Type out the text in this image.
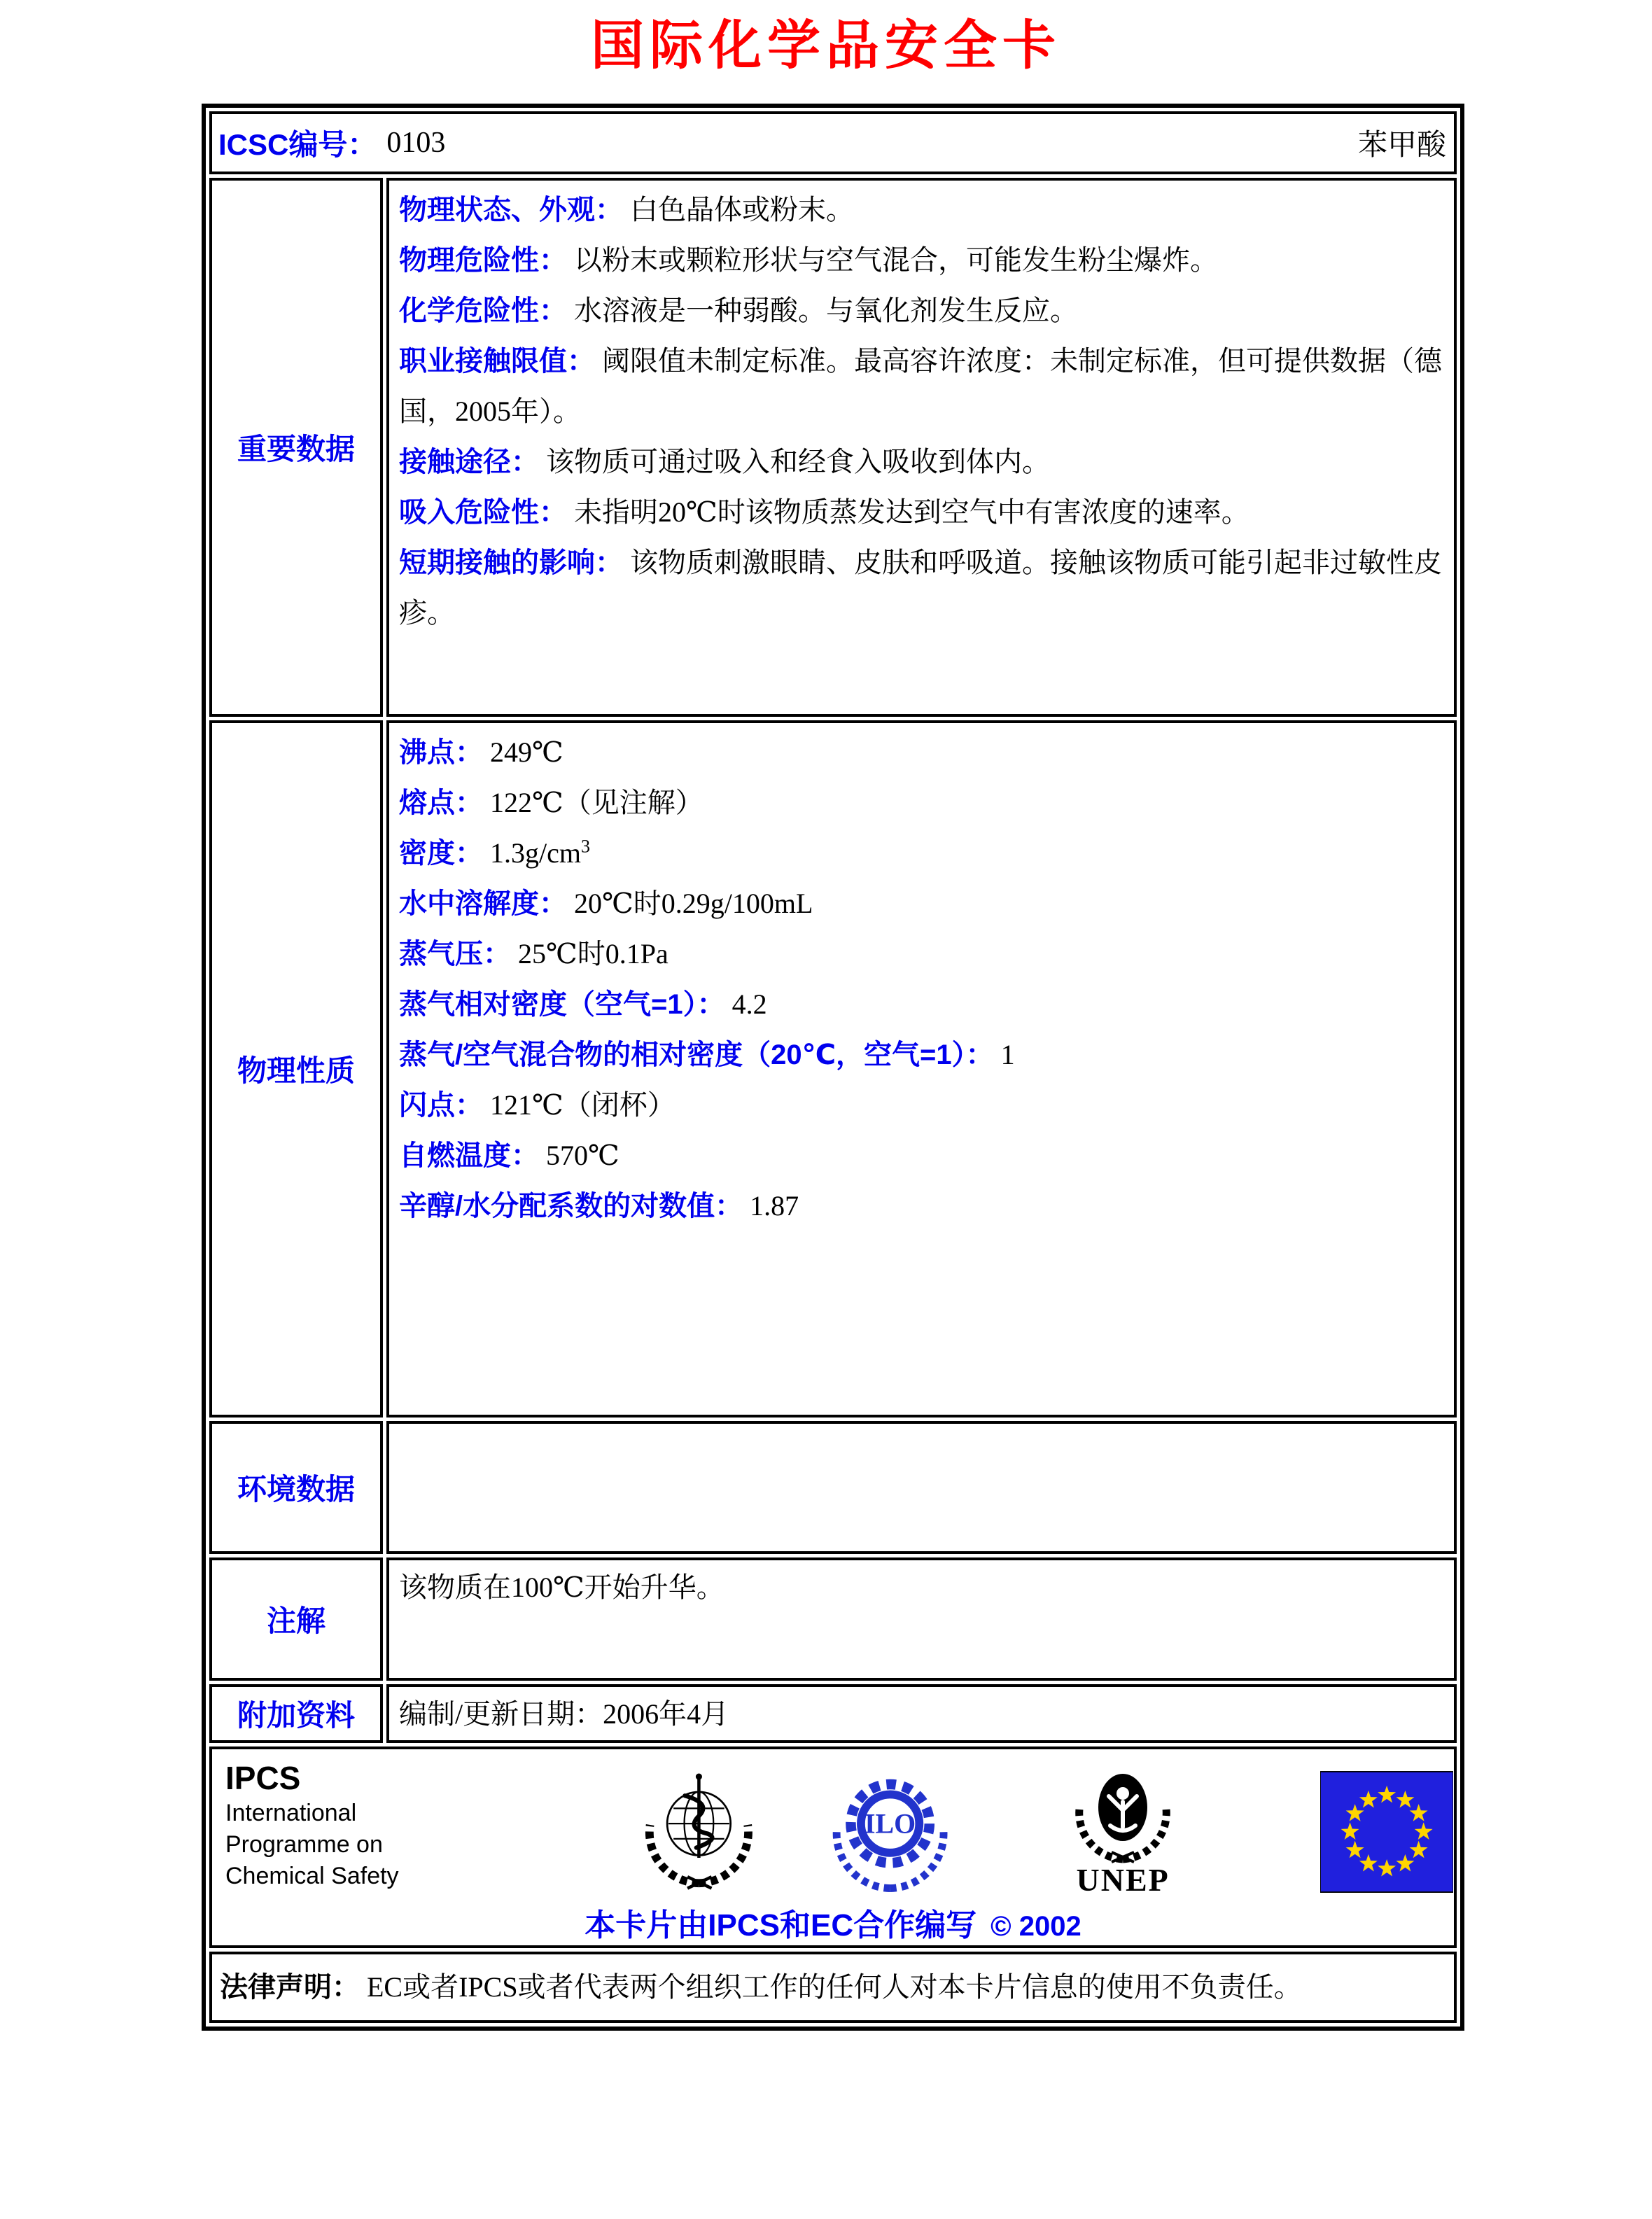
国际化学品安全卡
ICSC编号： 0103 苯甲酸	

重要数据	

物理状态、外观： 白色晶体或粉末。

物理危险性： 以粉末或颗粒形状与空气混合，可能发生粉尘爆炸。

化学危险性： 水溶液是一种弱酸。与氧化剂发生反应。

职业接触限值： 阈限值未制定标准。最高容许浓度：未制定标准，但可提供数据（德国，2005年）。

接触途径： 该物质可通过吸入和经食入吸收到体内。

吸入危险性： 未指明20℃时该物质蒸发达到空气中有害浓度的速率。

短期接触的影响： 该物质刺激眼睛、皮肤和呼吸道。接触该物质可能引起非过敏性皮疹。

物理性质	

沸点： 249℃

熔点： 122℃（见注解）

密度： $1.3g/cm^3$

水中溶解度： 20℃时0.29g/100mL

蒸气压： 25℃时0.1Pa

蒸气相对密度（空气=1）： 4.2

蒸气/空气混合物的相对密度（20℃，空气=1）： 1

闪点： 121℃（闭杯）

自燃温度： 570℃

辛醇/水分配系数的对数值： 1.87

环境数据	
注解	该物质在100℃开始升华。

附加资料	编制/更新日期：2006年4月

IPCS
International
Programme on
Chemical Safety
ILO
UNEP
本卡片由IPCS和EC合作编写 © 2002

法律声明： EC或者IPCS或者代表两个组织工作的任何人对本卡片信息的使用不负责任。	
